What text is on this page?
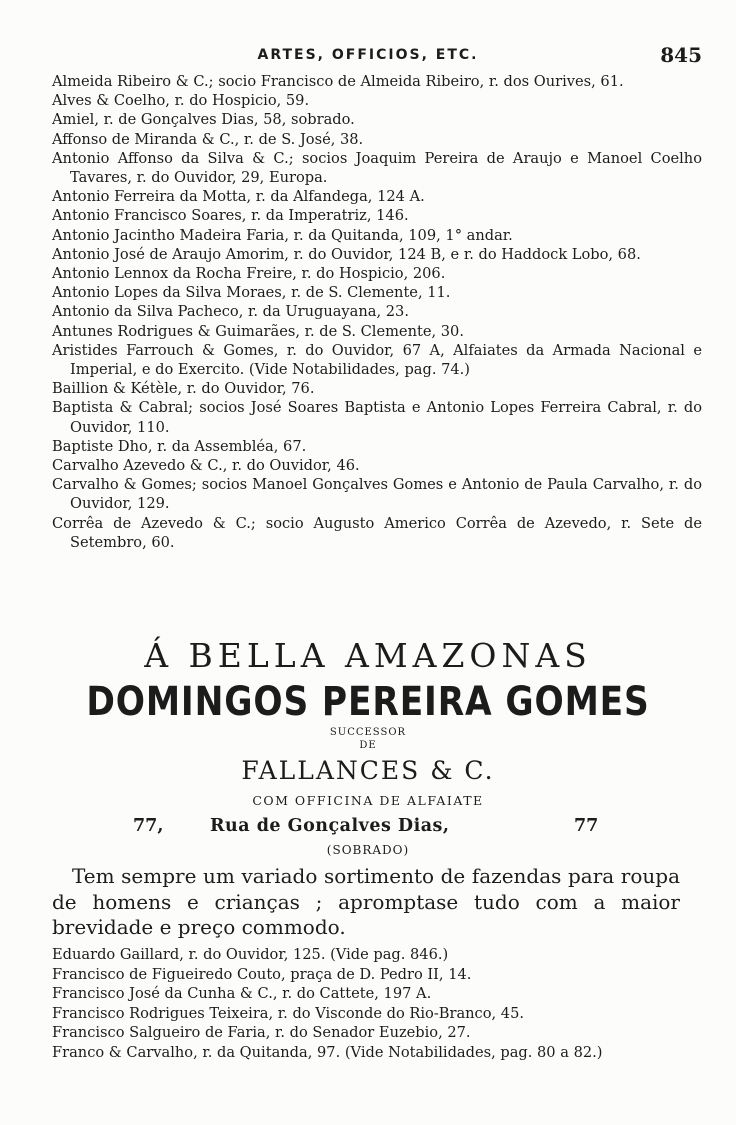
ARTES, OFFICIOS, ETC.	845

Almeida Ribeiro & C.; socio Francisco de Almeida Ribeiro, r. dos Ourives, 61.

Alves & Coelho, r. do Hospicio, 59.

Amiel, r. de Gonçalves Dias, 58, sobrado.

Affonso de Miranda & C., r. de S. José, 38.

Antonio Affonso da Silva & C.; socios Joaquim Pereira de Araujo e Manoel Coelho Tavares, r. do Ouvidor, 29, Europa.

Antonio Ferreira da Motta, r. da Alfandega, 124 A.

Antonio Francisco Soares, r. da Imperatriz, 146.

Antonio Jacintho Madeira Faria, r. da Quitanda, 109, 1° andar.

Antonio José de Araujo Amorim, r. do Ouvidor, 124 B, e r. do Haddock Lobo, 68.

Antonio Lennox da Rocha Freire, r. do Hospicio, 206.

Antonio Lopes da Silva Moraes, r. de S. Clemente, 11.

Antonio da Silva Pacheco, r. da Uruguayana, 23.

Antunes Rodrigues & Guimarães, r. de S. Clemente, 30.

Aristides Farrouch & Gomes, r. do Ouvidor, 67 A, Alfaiates da Armada Nacional e Imperial, e do Exercito. (Vide Notabilidades, pag. 74.)

Baillion & Kétèle, r. do Ouvidor, 76.

Baptista & Cabral; socios José Soares Baptista e Antonio Lopes Ferreira Cabral, r. do Ouvidor, 110.

Baptiste Dho, r. da Assembléa, 67.

Carvalho Azevedo & C., r. do Ouvidor, 46.

Carvalho & Gomes; socios Manoel Gonçalves Gomes e Antonio de Paula Carvalho, r. do Ouvidor, 129.

Corrêa de Azevedo & C.; socio Augusto Americo Corrêa de Azevedo, r. Sete de Setembro, 60.

Á BELLA AMAZONAS
DOMINGOS PEREIRA GOMES
SUCCESSOR
DE
FALLANCES & C.
COM OFFICINA DE ALFAIATE
77,	Rua de Gonçalves Dias,	77
(SOBRADO)

Tem sempre um variado sortimento de fazendas para roupa de homens e crianças ; apromptase tudo com a maior brevidade e preço commodo.

Eduardo Gaillard, r. do Ouvidor, 125. (Vide pag. 846.)

Francisco de Figueiredo Couto, praça de D. Pedro II, 14.

Francisco José da Cunha & C., r. do Cattete, 197 A.

Francisco Rodrigues Teixeira, r. do Visconde do Rio-Branco, 45.

Francisco Salgueiro de Faria, r. do Senador Euzebio, 27.

Franco & Carvalho, r. da Quitanda, 97. (Vide Notabilidades, pag. 80 a 82.)
